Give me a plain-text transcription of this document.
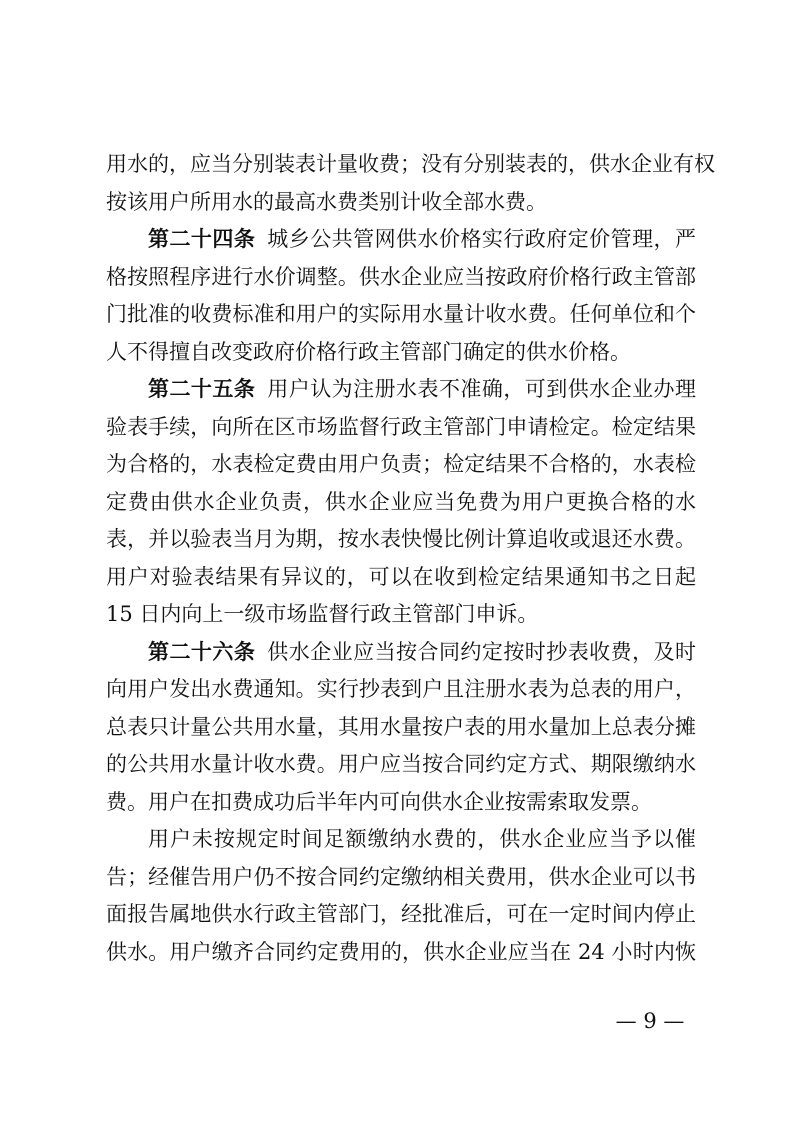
用水的，应当分别装表计量收费；没有分别装表的，供水企业有权
按该用户所用水的最高水费类别计收全部水费。
第二十四条 城乡公共管网供水价格实行政府定价管理，严
格按照程序进行水价调整。供水企业应当按政府价格行政主管部
门批准的收费标准和用户的实际用水量计收水费。任何单位和个
人不得擅自改变政府价格行政主管部门确定的供水价格。
第二十五条 用户认为注册水表不准确，可到供水企业办理
验表手续，向所在区市场监督行政主管部门申请检定。检定结果
为合格的，水表检定费由用户负责；检定结果不合格的，水表检
定费由供水企业负责，供水企业应当免费为用户更换合格的水
表，并以验表当月为期，按水表快慢比例计算追收或退还水费。
用户对验表结果有异议的，可以在收到检定结果通知书之日起
15 日内向上一级市场监督行政主管部门申诉。
第二十六条 供水企业应当按合同约定按时抄表收费，及时
向用户发出水费通知。实行抄表到户且注册水表为总表的用户，
总表只计量公共用水量，其用水量按户表的用水量加上总表分摊
的公共用水量计收水费。用户应当按合同约定方式、期限缴纳水
费。用户在扣费成功后半年内可向供水企业按需索取发票。
用户未按规定时间足额缴纳水费的，供水企业应当予以催
告；经催告用户仍不按合同约定缴纳相关费用，供水企业可以书
面报告属地供水行政主管部门，经批准后，可在一定时间内停止
供水。用户缴齐合同约定费用的，供水企业应当在 24 小时内恢
— 9 —
